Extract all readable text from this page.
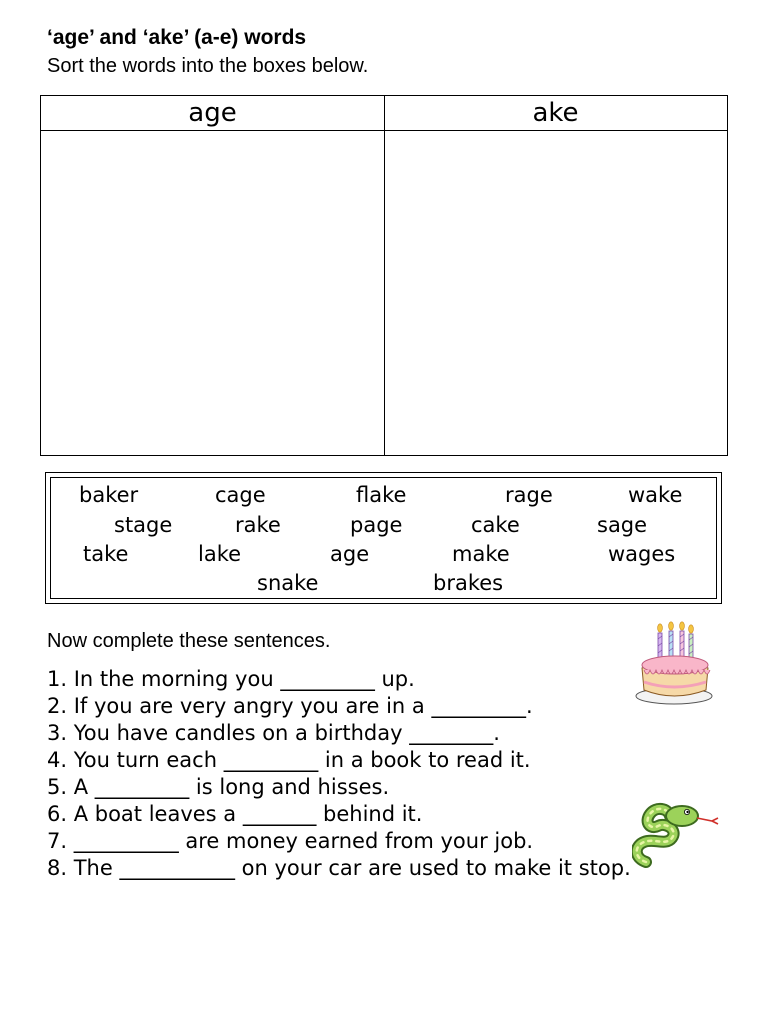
‘age’ and ‘ake’ (a-e) words
Sort the words into the boxes below.
age	ake
baker	cage	flake	rage	wake
stage	rake	page	cake	sage
take	lake	age	make	wages
snake	brakes
Now complete these sentences.
1. In the morning you _________ up.
2. If you are very angry you are in a _________.
3. You have candles on a birthday ________.
4. You turn each _________ in a book to read it.
5. A _________ is long and hisses.
6. A boat leaves a _______ behind it.
7. __________ are money earned from your job.
8. The ___________ on your car are used to make it stop.
